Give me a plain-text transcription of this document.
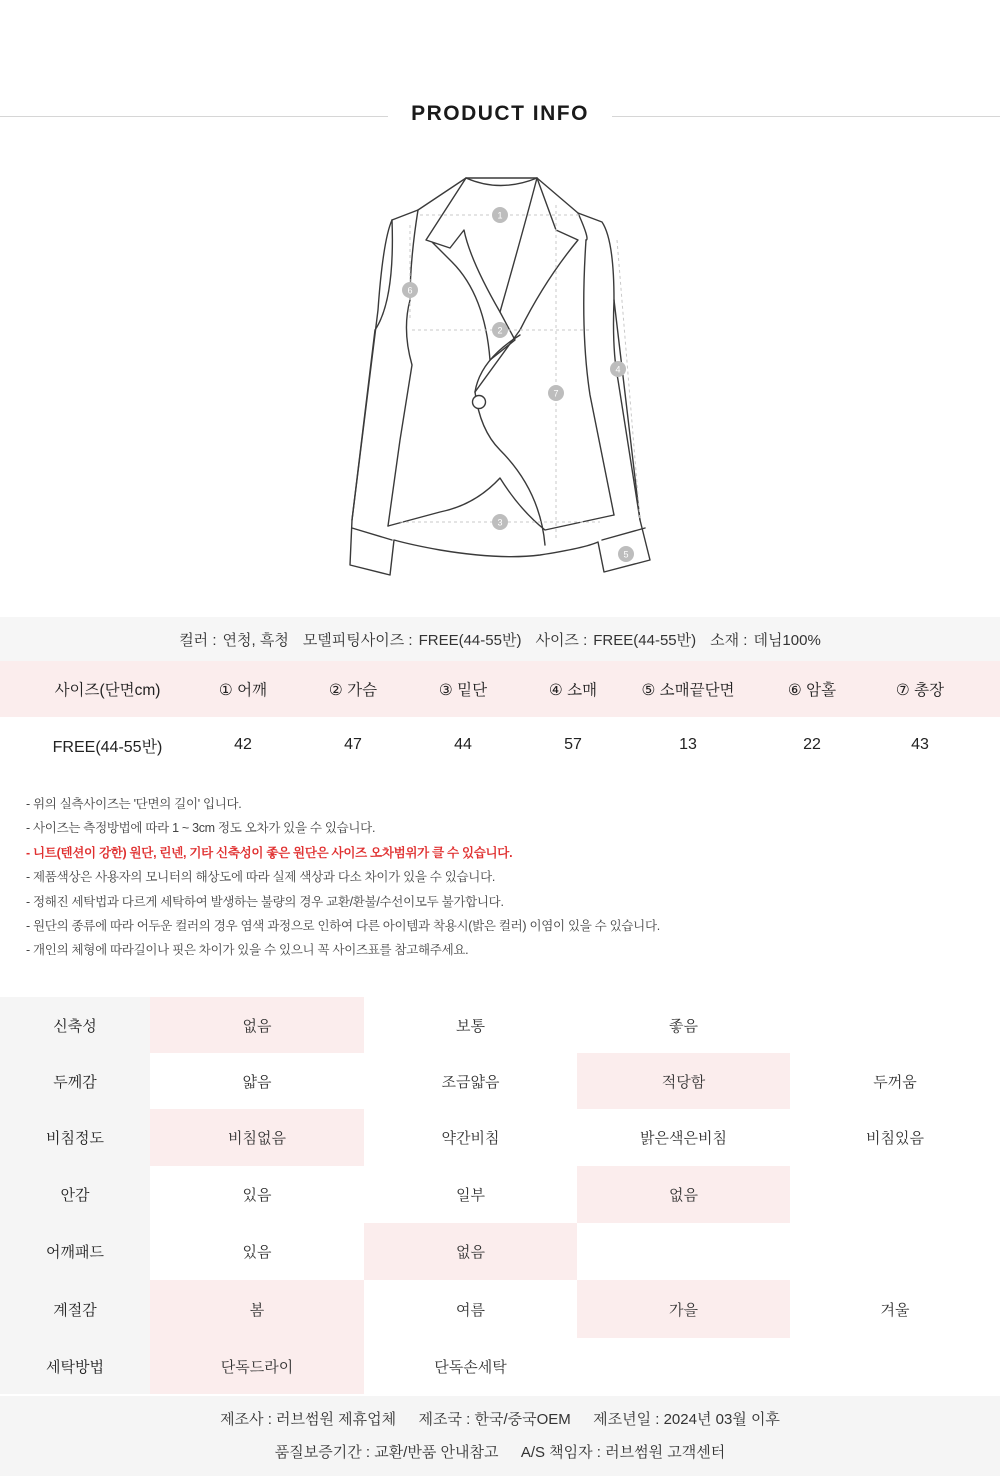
PRODUCT INFO
1
2
3
4
5
6
7
컬러 : 연청, 흑청 모델피팅사이즈 : FREE(44-55반) 사이즈 : FREE(44-55반) 소재 : 데님100%
사이즈(단면cm)	① 어깨	② 가슴	③ 밑단	④ 소매	⑤ 소매끝단면	⑥ 암홀	⑦ 총장
FREE(44-55반)	42	47	44	57	13	22	43

- 위의 실측사이즈는 '단면의 길이' 입니다.

- 사이즈는 측정방법에 따라 1 ~ 3cm 정도 오차가 있을 수 있습니다.

- 니트(텐션이 강한) 원단, 린넨, 기타 신축성이 좋은 원단은 사이즈 오차범위가 클 수 있습니다.

- 제품색상은 사용자의 모니터의 해상도에 따라 실제 색상과 다소 차이가 있을 수 있습니다.

- 정해진 세탁법과 다르게 세탁하여 발생하는 불량의 경우 교환/환불/수선이모두 불가합니다.

- 원단의 종류에 따라 어두운 컬러의 경우 염색 과정으로 인하여 다른 아이템과 착용시(밝은 컬러) 이염이 있을 수 있습니다.

- 개인의 체형에 따라길이나 핏은 차이가 있을 수 있으니 꼭 사이즈표를 참고해주세요.

신축성	없음	보통	좋음
두께감	얇음	조금얇음	적당함	두꺼움
비침정도	비침없음	약간비침	밝은색은비침	비침있음
안감	있음	일부	없음
어깨패드	있음	없음
계절감	봄	여름	가을	겨울
세탁방법	단독드라이	단독손세탁
제조사 : 러브썸원 제휴업체 제조국 : 한국/중국OEM 제조년일 : 2024년 03월 이후
품질보증기간 : 교환/반품 안내참고 A/S 책임자 : 러브썸원 고객센터
